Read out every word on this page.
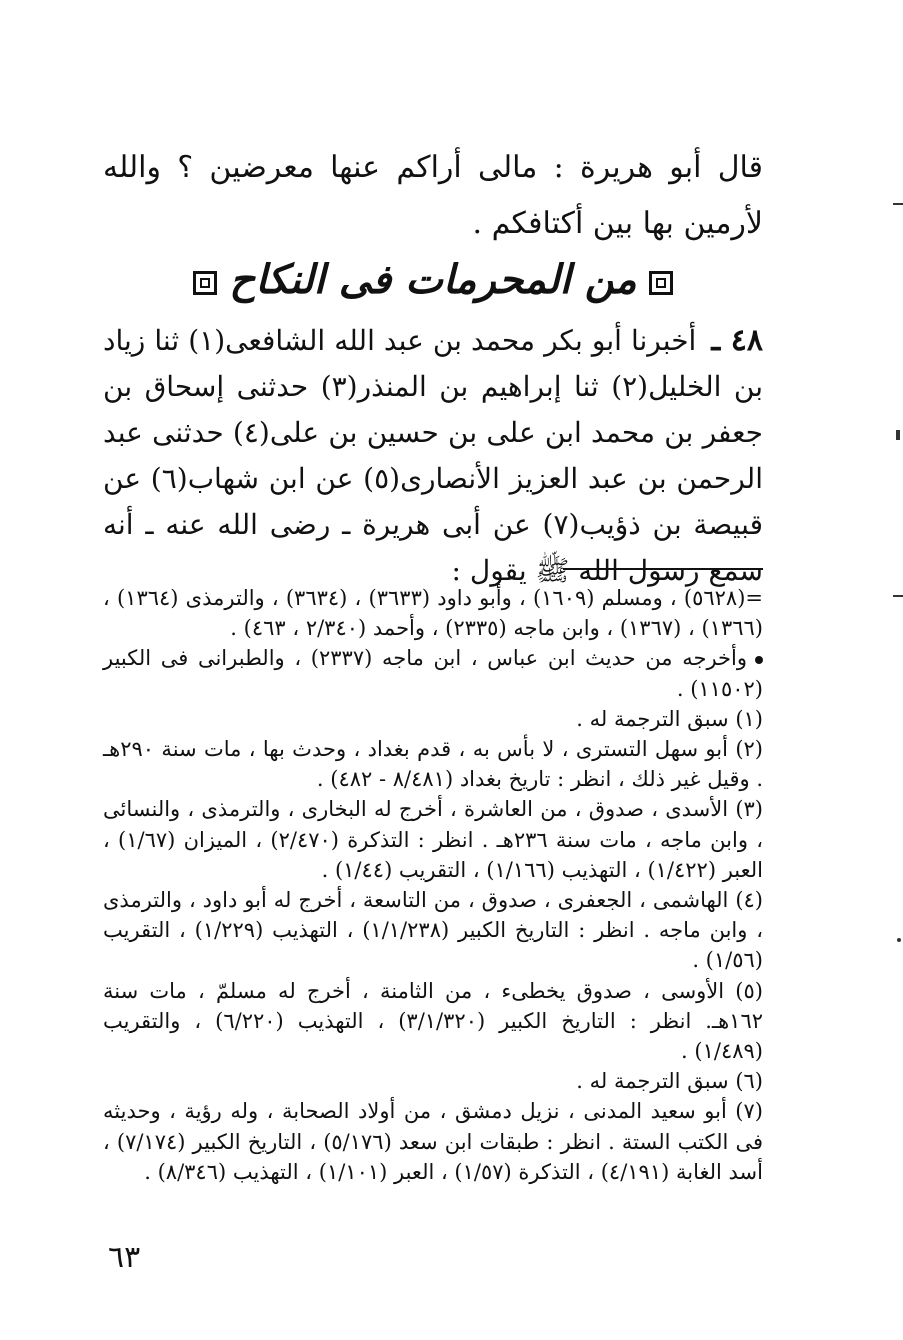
قال أبو هريرة : مالى أراكم عنها معرضين ؟ والله لأرمين بها بين أكتافكم .

من المحرمات فى النكاح

٤٨ ـ أخبرنا أبو بكر محمد بن عبد الله الشافعى(١) ثنا زياد بن الخليل(٢) ثنا إبراهيم بن المنذر(٣) حدثنى إسحاق بن جعفر بن محمد ابن على بن حسين بن على(٤) حدثنى عبد الرحمن بن عبد العزيز الأنصارى(٥) عن ابن شهاب(٦) عن قبيصة بن ذؤيب(٧) عن أبى هريرة ـ رضى الله عنه ـ أنه سمع رسول الله ﷺ يقول :

=(٥٦٢٨) ، ومسلم (١٦٠٩) ، وأبو داود (٣٦٣٣) ، (٣٦٣٤) ، والترمذى (١٣٦٤) ، (١٣٦٦) ، (١٣٦٧) ، وابن ماجه (٢٣٣٥) ، وأحمد (٢/٣٤٠ ، ٤٦٣) .

وأخرجه من حديث ابن عباس ، ابن ماجه (٢٣٣٧) ، والطبرانى فى الكبير (١١٥٠٢) .

(١) سبق الترجمة له .

(٢) أبو سهل التسترى ، لا بأس به ، قدم بغداد ، وحدث بها ، مات سنة ٢٩٠هـ . وقيل غير ذلك ، انظر : تاريخ بغداد (٨/٤٨١ - ٤٨٢) .

(٣) الأسدى ، صدوق ، من العاشرة ، أخرج له البخارى ، والترمذى ، والنسائى ، وابن ماجه ، مات سنة ٢٣٦هـ . انظر : التذكرة (٢/٤٧٠) ، الميزان (١/٦٧) ، العبر (١/٤٢٢) ، التهذيب (١/١٦٦) ، التقريب (١/٤٤) .

(٤) الهاشمى ، الجعفرى ، صدوق ، من التاسعة ، أخرج له أبو داود ، والترمذى ، وابن ماجه . انظر : التاريخ الكبير (١/١/٢٣٨) ، التهذيب (١/٢٢٩) ، التقريب (١/٥٦) .

(٥) الأوسى ، صدوق يخطىء ، من الثامنة ، أخرج له مسلمّ ، مات سنة ١٦٢هـ. انظر : التاريخ الكبير (٣/١/٣٢٠) ، التهذيب (٦/٢٢٠) ، والتقريب (١/٤٨٩) .

(٦) سبق الترجمة له .

(٧) أبو سعيد المدنى ، نزيل دمشق ، من أولاد الصحابة ، وله رؤية ، وحديثه فى الكتب الستة . انظر : طبقات ابن سعد (٥/١٧٦) ، التاريخ الكبير (٧/١٧٤) ، أسد الغابة (٤/١٩١) ، التذكرة (١/٥٧) ، العبر (١/١٠١) ، التهذيب (٨/٣٤٦) .

٦٣
